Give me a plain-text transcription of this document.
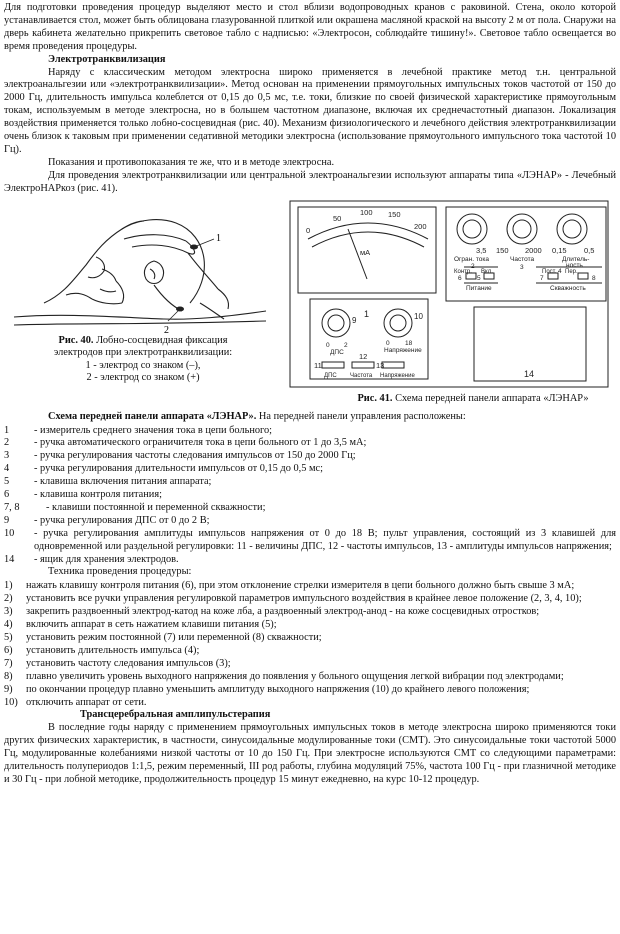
Для подготовки проведения процедур выделяют место и стол вблизи водопроводных кранов с раковиной. Стена, около которой устанавливается стол, может быть облицована глазурованной плиткой или окрашена масляной краской на высоту 2 м от пола. Снаружи на дверь кабинета желательно прикрепить световое табло с надписью: «Электросон, соблюдайте тишину!». Световое табло освещается во время проведения процедуры.

Электротранквилизация

Наряду с классическим методом электросна широко применяется в лечебной практике метод т.н. центральной электроанальгезии или «электротранквилизации». Метод основан на применении прямоугольных импульсных токов частотой от 150 до 2000 Гц, длительность импульса колеблется от 0,15 до 0,5 мс, т.е. токи, близкие по своей физической характеристике прямоугольным токам, используемым в методе электросна, но в большем частотном диапазоне, включая их среднечастотный диапазон. Локализация воздействия применяется только лобно-сосцевидная (рис. 40). Механизм физиологического и лечебного действия электротранквилизации очень близок к таковым при применении седативной методики электросна (использование прямоугольного импульсного тока частотой 10 Гц).

Показания и противопоказания те же, что и в методе электросна.

Для проведения электротранквилизации или центральной электроанальгезии используют аппараты типа «ЛЭНАР» - Лечебный ЭлектроНАРкоз (рис. 41).

1
2
Рис. 40. Лобно-сосцевидная фиксация
электродов при электротранквилизации:
1 - электрод со знаком (–),
2 - электрод со знаком (+)
0
50
100 150
200
мА
1
3,5 150 2000 0,15 0,5
Огран. тока
2
Частота
3
Длитель-
ность
Контр. Вкл.	Пост. 4 Пер.
6 5	7	8
Питание	Скважность
9	10
0 2
ДПС
0 18
Напряжение
12
11	13
ДПС Частота Напряжение	14
Рис. 41. Схема передней панели аппарата «ЛЭНАР»

Схема передней панели аппарата «ЛЭНАР». На передней панели управления расположены:

1	- измеритель среднего значения тока в цепи больного;
2	- ручка автоматического ограничителя тока в цепи больного от 1 до 3,5 мА;
3	- ручка регулирования частоты следования импульсов от 150 до 2000 Гц;
4	- ручка регулирования длительности импульсов от 0,15 до 0,5 мс;
5	- клавиша включения питания аппарата;
6	- клавиша контроля питания;
7, 8	- клавиши постоянной и переменной скважности;
9	- ручка регулирования ДПС от 0 до 2 В;
10	- ручка регулирования амплитуды импульсов напряжения от 0 до 18 В; пульт управления, состоящий из 3 клавишей для одновременной или раздельной регулировки: 11 - величины ДПС, 12 - частоты импульсов, 13 - амплитуды импульсов напряжения;
14	- ящик для хранения электродов.

Техника проведения процедуры:

1)	нажать клавишу контроля питания (6), при этом отклонение стрелки измерителя в цепи больного должно быть свыше 3 мА;
2)	установить все ручки управления регулировкой параметров импульсного воздействия в крайнее левое положение (2, 3, 4, 10);
3)	закрепить раздвоенный электрод-катод на коже лба, а раздвоенный электрод-анод - на коже сосцевидных отростков;
4)	включить аппарат в сеть нажатием клавиши питания (5);
5)	установить режим постоянной (7) или переменной (8) скважности;
6)	установить длительность импульса (4);
7)	установить частоту следования импульсов (3);
8)	плавно увеличить уровень выходного напряжения до появления у больного ощущения легкой вибрации под электродами;
9)	по окончании процедур плавно уменьшить амплитуду выходного напряжения (10) до крайнего левого положения;
10) отключить аппарат от сети.

Трансцеребральная амплипульстерапия

В последние годы наряду с применением прямоугольных импульсных токов в методе электросна широко применяются токи других физических характеристик, в частности, синусоидальные модулированные токи (СМТ). Это синусоидальные токи частотой 5000 Гц, модулированные колебаниями низкой частоты от 10 до 150 Гц. При электросне используются СМТ со следующими параметрами: длительность полупериодов 1:1,5, режим переменный, III род работы, глубина модуляций 75%, частота 100 Гц - при глазничной методике и 30 Гц - при лобной методике, продолжительность процедур 15 минут ежедневно, на курс 10-12 процедур.
